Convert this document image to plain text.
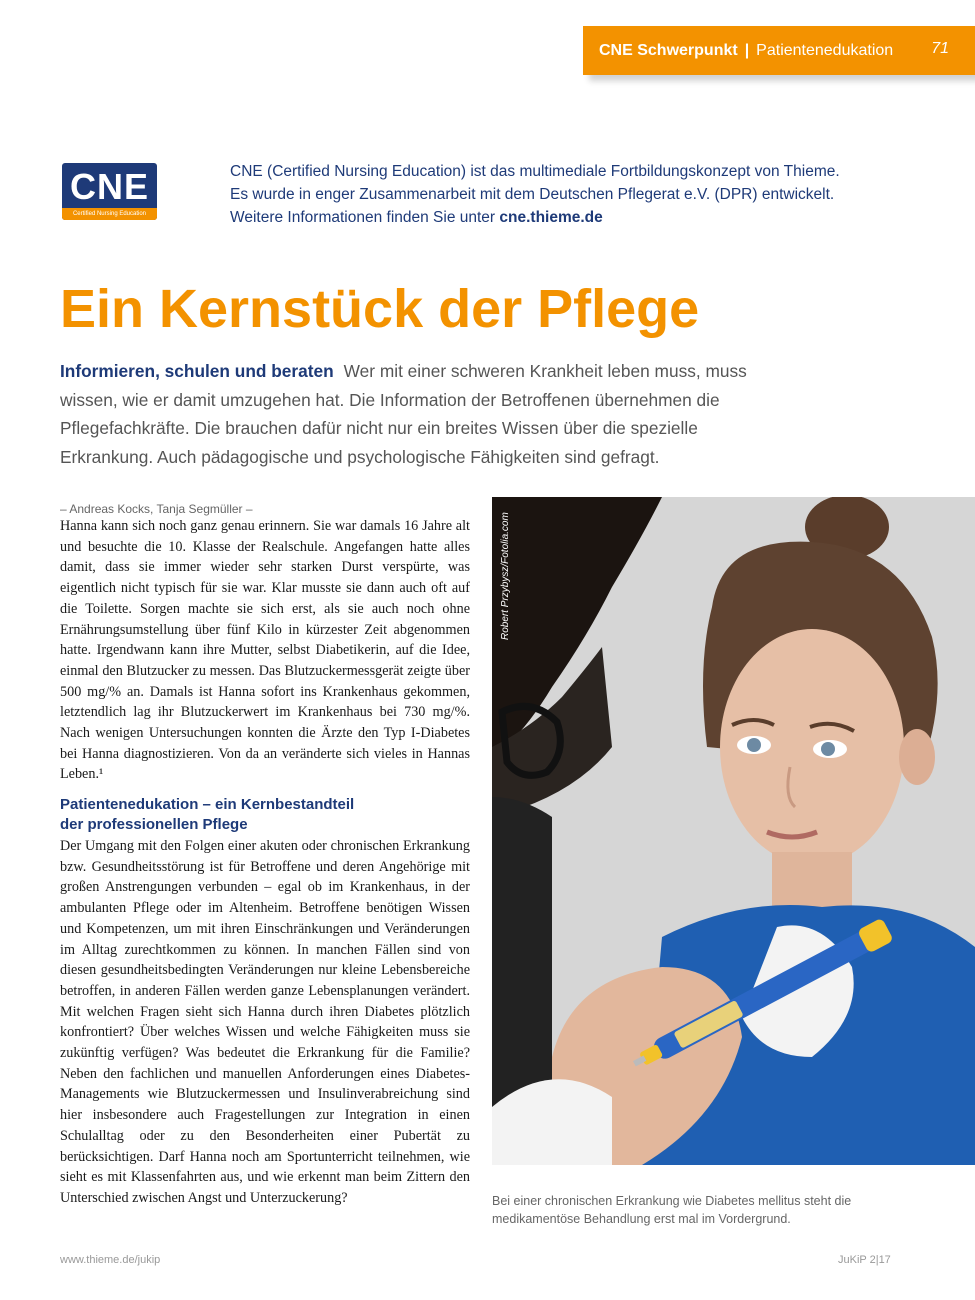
CNE Schwerpunkt | Patientenedukation 71
CNE
Certified Nursing Education
CNE (Certified Nursing Education) ist das multimediale Fortbildungskonzept von Thieme.
Es wurde in enger Zusammenarbeit mit dem Deutschen Pflegerat e.V. (DPR) entwickelt.
Weitere Informationen finden Sie unter cne.thieme.de
Ein Kernstück der Pflege
Informieren, schulen und beraten Wer mit einer schweren Krankheit leben muss, muss wissen, wie er damit umzugehen hat. Die Information der Betroffenen übernehmen die Pflegefachkräfte. Die brauchen dafür nicht nur ein breites Wissen über die spezielle Erkrankung. Auch pädagogische und psychologische Fähigkeiten sind gefragt.
– Andreas Kocks, Tanja Segmüller –
Hanna kann sich noch ganz genau erinnern. Sie war damals 16 Jahre alt und besuchte die 10. Klasse der Realschule. Angefangen hatte alles damit, dass sie immer wieder sehr starken Durst verspürte, was eigentlich nicht typisch für sie war. Klar musste sie dann auch oft auf die Toilette. Sorgen machte sie sich erst, als sie auch noch ohne Ernährungsumstellung über fünf Kilo in kürzester Zeit abgenommen hatte. Irgendwann kann ihre Mutter, selbst Diabetikerin, auf die Idee, einmal den Blutzucker zu messen. Das Blutzuckermessgerät zeigte über 500 mg/% an. Damals ist Hanna sofort ins Krankenhaus gekommen, letztendlich lag ihr Blutzuckerwert im Krankenhaus bei 730 mg/%. Nach wenigen Untersuchungen konnten die Ärzte den Typ I-Diabetes bei Hanna diagnostizieren. Von da an veränderte sich vieles in Hannas Leben.¹
Patientenedukation – ein Kernbestandteil
der professionellen Pflege
Der Umgang mit den Folgen einer akuten oder chronischen Erkrankung bzw. Gesundheitsstörung ist für Betroffene und deren Angehörige mit großen Anstrengungen verbunden – egal ob im Krankenhaus, in der ambulanten Pflege oder im Altenheim. Betroffene benötigen Wissen und Kompetenzen, um mit ihren Einschränkungen und Veränderungen im Alltag zurechtkommen zu können. In manchen Fällen sind von diesen gesundheitsbedingten Veränderungen nur kleine Lebensbereiche betroffen, in anderen Fällen werden ganze Lebensplanungen verändert. Mit welchen Fragen sieht sich Hanna durch ihren Diabetes plötzlich konfrontiert? Über welches Wissen und welche Fähigkeiten muss sie zukünftig verfügen? Was bedeutet die Erkrankung für die Familie? Neben den fachlichen und manuellen Anforderungen eines Diabetes-Managements wie Blutzuckermessen und Insulinverabreichung sind hier insbesondere auch Fragestellungen zur Integration in einen Schulalltag oder zu den Besonderheiten einer Pubertät zu berücksichtigen. Darf Hanna noch am Sportunterricht teilnehmen, wie sieht es mit Klassenfahrten aus, und wie erkennt man beim Zittern den Unterschied zwischen Angst und Unterzuckerung?
Robert Przybysz/Fotolia.com
Bei einer chronischen Erkrankung wie Diabetes mellitus steht die medikamentöse Behandlung erst mal im Vordergrund.
www.thieme.de/jukip	JuKiP 2|17
